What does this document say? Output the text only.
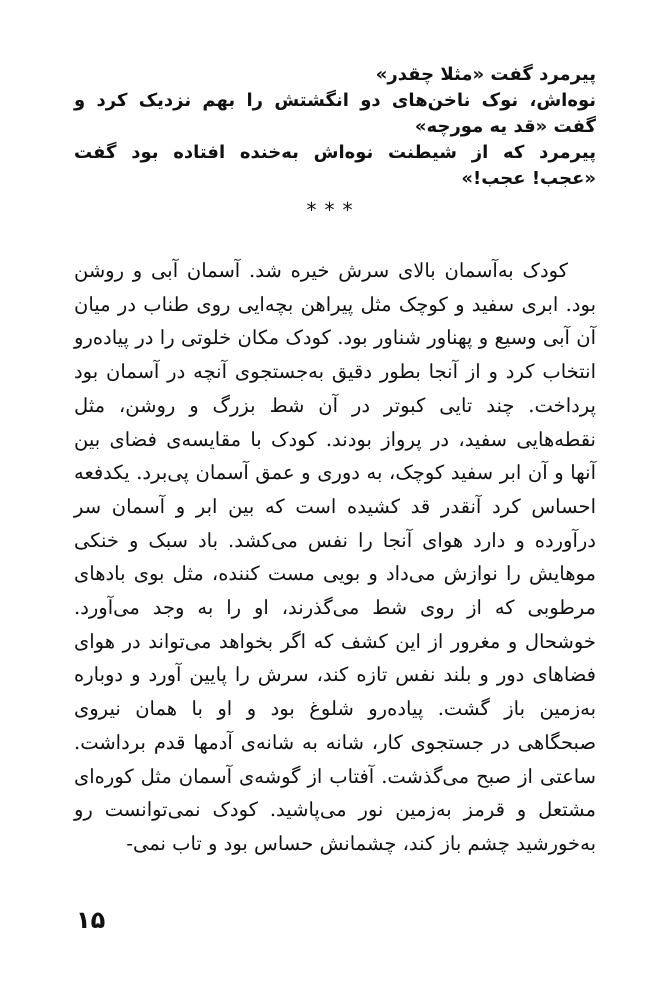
پیرمرد گفت «مثلا چقدر»

نوه‌اش، نوک ناخن‌های دو انگشتش را بهم نزدیک کرد و گفت «قد یه مورچه»

پیرمرد که از شیطنت نوه‌اش به‌خنده افتاده بود گفت «عجب! عجب!»

***

کودک به‌آسمان بالای سرش خیره شد. آسمان آبی و روشن بود. ابری سفید و کوچک مثل پیراهن بچه‌ایی روی طناب در میان آن آبی وسیع و پهناور شناور بود. کودک مکان خلوتی را در پیاده‌رو انتخاب کرد و از آنجا بطور دقیق به‌جستجوی آنچه در آسمان بود پرداخت. چند تایی کبوتر در آن شط بزرگ و روشن، مثل نقطه‌هایی سفید، در پرواز بودند. کودک با مقایسه‌ی فضای بین آنها و آن ابر سفید کوچک، به دوری و عمق آسمان پی‌برد. یکدفعه احساس کرد آنقدر قد کشیده است که بین ابر و آسمان سر درآورده و دارد هوای آنجا را نفس می‌کشد. باد سبک و خنکی موهایش را نوازش می‌داد و بویی مست کننده، مثل بوی بادهای مرطوبی که از روی شط می‌گذرند، او را به وجد می‌آورد. خوشحال و مغرور از این کشف که اگر بخواهد می‌تواند در هوای فضاهای دور و بلند نفس تازه کند، سرش را پایین آورد و دوباره به‌زمین باز گشت. پیاده‌رو شلوغ بود و او با همان نیروی صبحگاهی در جستجوی کار، شانه به شانه‌ی آدمها قدم برداشت. ساعتی از صبح می‌گذشت. آفتاب از گوشه‌ی آسمان مثل کوره‌ای مشتعل و قرمز به‌زمین نور می‌پاشید. کودک نمی‌توانست رو به‌خورشید چشم باز کند، چشمانش حساس بود و تاب نمی-

۱۵
